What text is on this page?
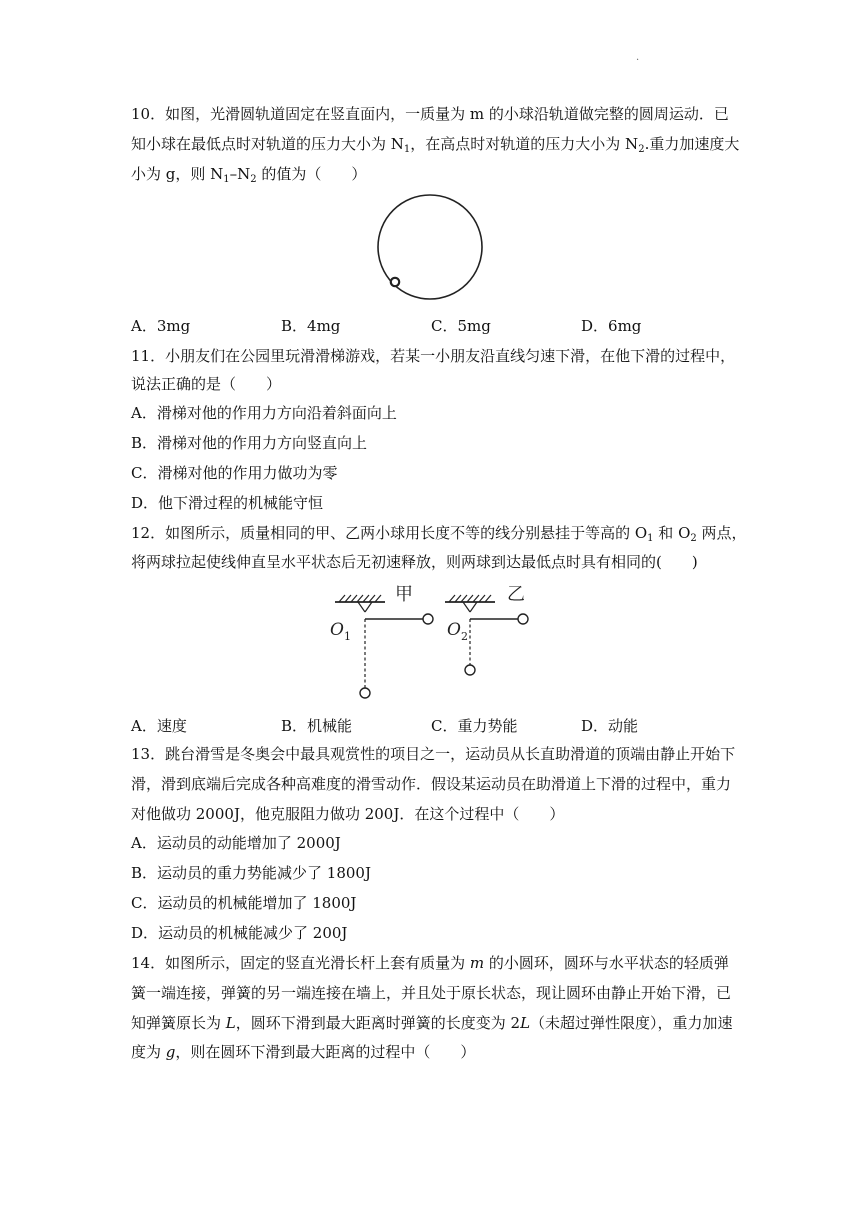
.
10．如图，光滑圆轨道固定在竖直面内，一质量为 m 的小球沿轨道做完整的圆周运动．已
知小球在最低点时对轨道的压力大小为 $N_1$，在高点时对轨道的压力大小为 $N_2$.重力加速度大
小为 g，则 $N_1-N_2$ 的值为（　　）
A．3mg	B．4mg	C．5mg	D．6mg
11．小朋友们在公园里玩滑滑梯游戏，若某一小朋友沿直线匀速下滑，在他下滑的过程中，
说法正确的是（　　）
A．滑梯对他的作用力方向沿着斜面向上
B．滑梯对他的作用力方向竖直向上
C．滑梯对他的作用力做功为零
D．他下滑过程的机械能守恒
12．如图所示，质量相同的甲、乙两小球用长度不等的线分别悬挂于等高的 $O_1$ 和 $O_2$ 两点，
将两球拉起使线伸直呈水平状态后无初速释放，则两球到达最低点时具有相同的(　　)
甲
$O_1$
乙
$O_2$
A．速度	B．机械能	C．重力势能	D．动能
13．跳台滑雪是冬奥会中最具观赏性的项目之一，运动员从长直助滑道的顶端由静止开始下
滑，滑到底端后完成各种高难度的滑雪动作．假设某运动员在助滑道上下滑的过程中，重力
对他做功 2000J，他克服阻力做功 200J．在这个过程中（　　）
A．运动员的动能增加了 2000J
B．运动员的重力势能减少了 1800J
C．运动员的机械能增加了 1800J
D．运动员的机械能减少了 200J
14．如图所示，固定的竖直光滑长杆上套有质量为 m 的小圆环，圆环与水平状态的轻质弹
簧一端连接，弹簧的另一端连接在墙上，并且处于原长状态，现让圆环由静止开始下滑，已
知弹簧原长为 L，圆环下滑到最大距离时弹簧的长度变为 2L（未超过弹性限度），重力加速
度为 g，则在圆环下滑到最大距离的过程中（　　）
